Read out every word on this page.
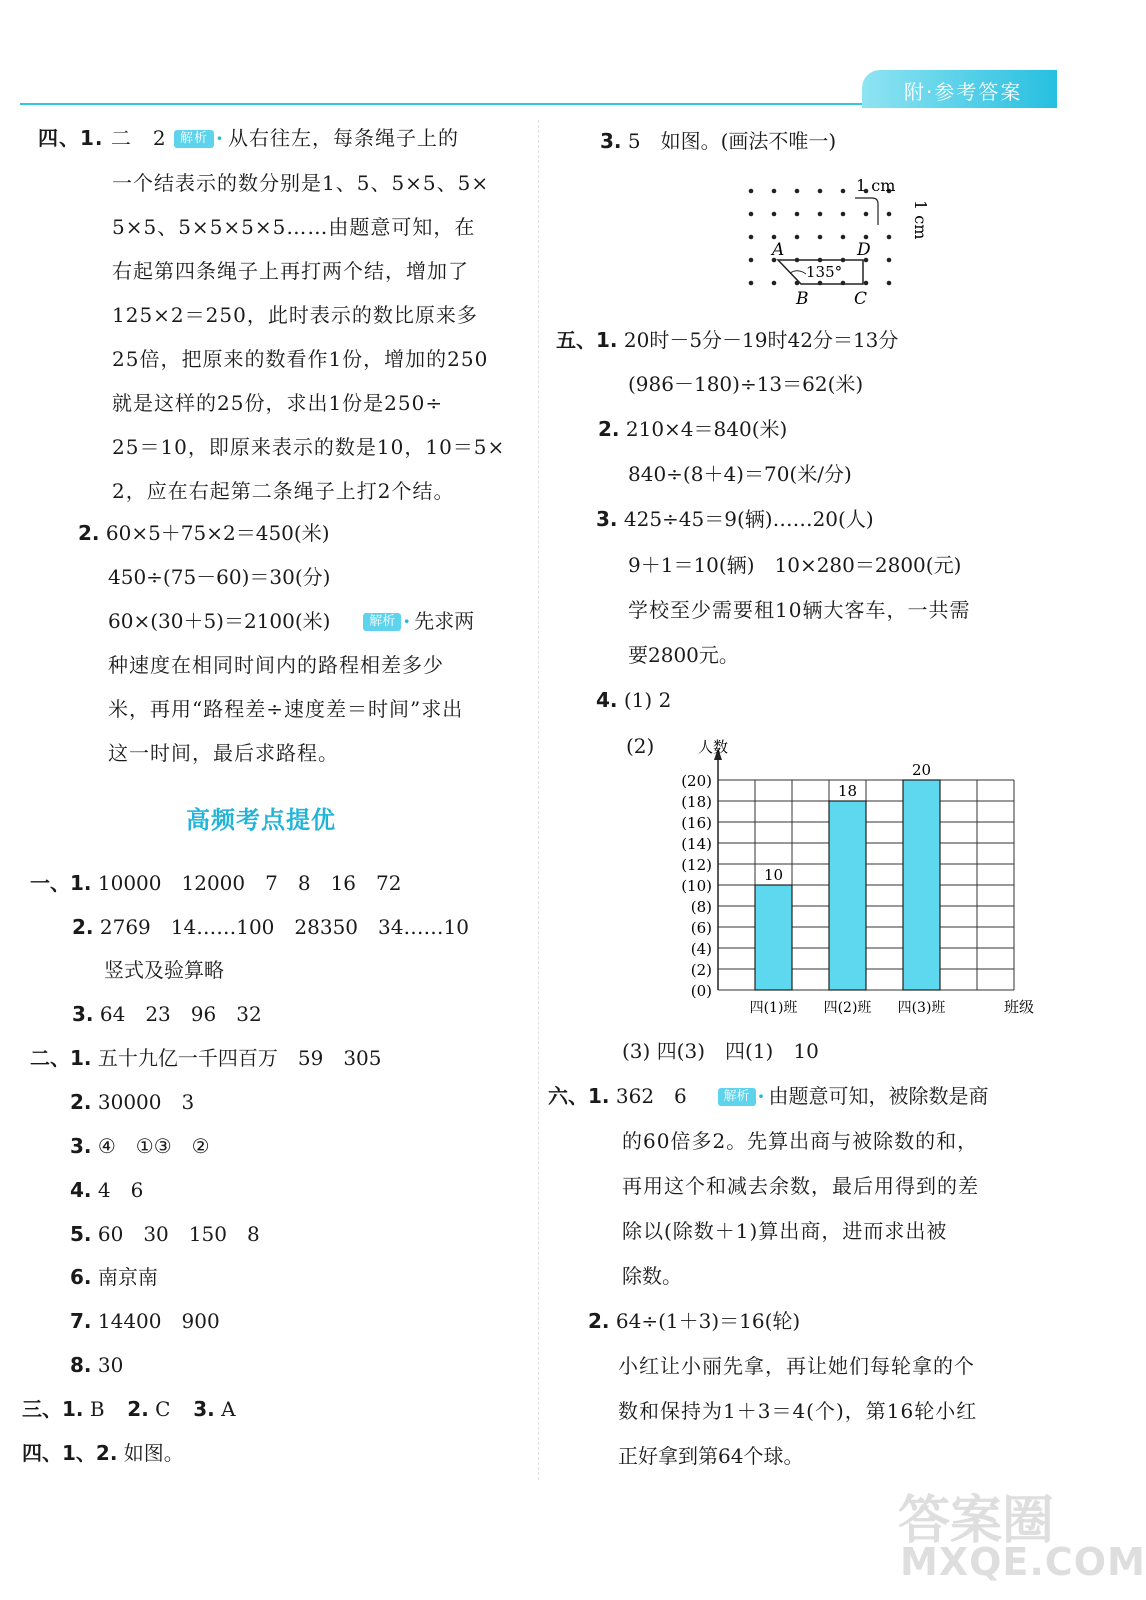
附·参考答案
四、1. 二　2 解析 · 从右往左，每条绳子上的
一个结表示的数分别是1、5、5×5、5×
5×5、5×5×5×5……由题意可知，在
右起第四条绳子上再打两个结，增加了
125×2＝250，此时表示的数比原来多
25倍，把原来的数看作1份，增加的250
就是这样的25份，求出1份是250÷
25＝10，即原来表示的数是10，10＝5×
2，应在右起第二条绳子上打2个结。
2. 60×5＋75×2＝450(米)
450÷(75－60)＝30(分)
60×(30＋5)＝2100(米)	解析 · 先求两
种速度在相同时间内的路程相差多少
米，再用“路程差÷速度差＝时间”求出
这一时间，最后求路程。
高频考点提优
一、1. 10000　12000　7　8　16　72
2. 2769　14……100　28350　34……10
竖式及验算略
3. 64　23　96　32
二、1. 五十九亿一千四百万　59　305
2. 30000　3
3. ④　①③　②
4. 4　6
5. 60　30　150　8
6. 南京南
7. 14400　900
8. 30
三、1. B 2. C 3. A
四、1、2. 如图。
3. 5　如图。(画法不唯一)
1 cm
1 cm
A	D
B	C
135°
五、1. 20时－5分－19时42分＝13分
(986－180)÷13＝62(米)
2. 210×4＝840(米)
840÷(8＋4)＝70(米/分)
3. 425÷45＝9(辆)……20(人)
9＋1＝10(辆)　10×280＝2800(元)
学校至少需要租10辆大客车，一共需
要2800元。
4. (1) 2
(2)	人数
(0)
(2)
(4)
(6)
(8)
(10)
(12)
(14)
(16)
(18)
(20)
10
四(1)班
18
四(2)班
20
四(3)班	班级
(3) 四(3)　四(1)　10
六、1. 362　6	解析 · 由题意可知，被除数是商
的60倍多2。先算出商与被除数的和，
再用这个和减去余数，最后用得到的差
除以(除数＋1)算出商，进而求出被
除数。
2. 64÷(1＋3)＝16(轮)
小红让小丽先拿，再让她们每轮拿的个
数和保持为1＋3＝4(个)，第16轮小红
正好拿到第64个球。
答案圈
MXQE.COM
